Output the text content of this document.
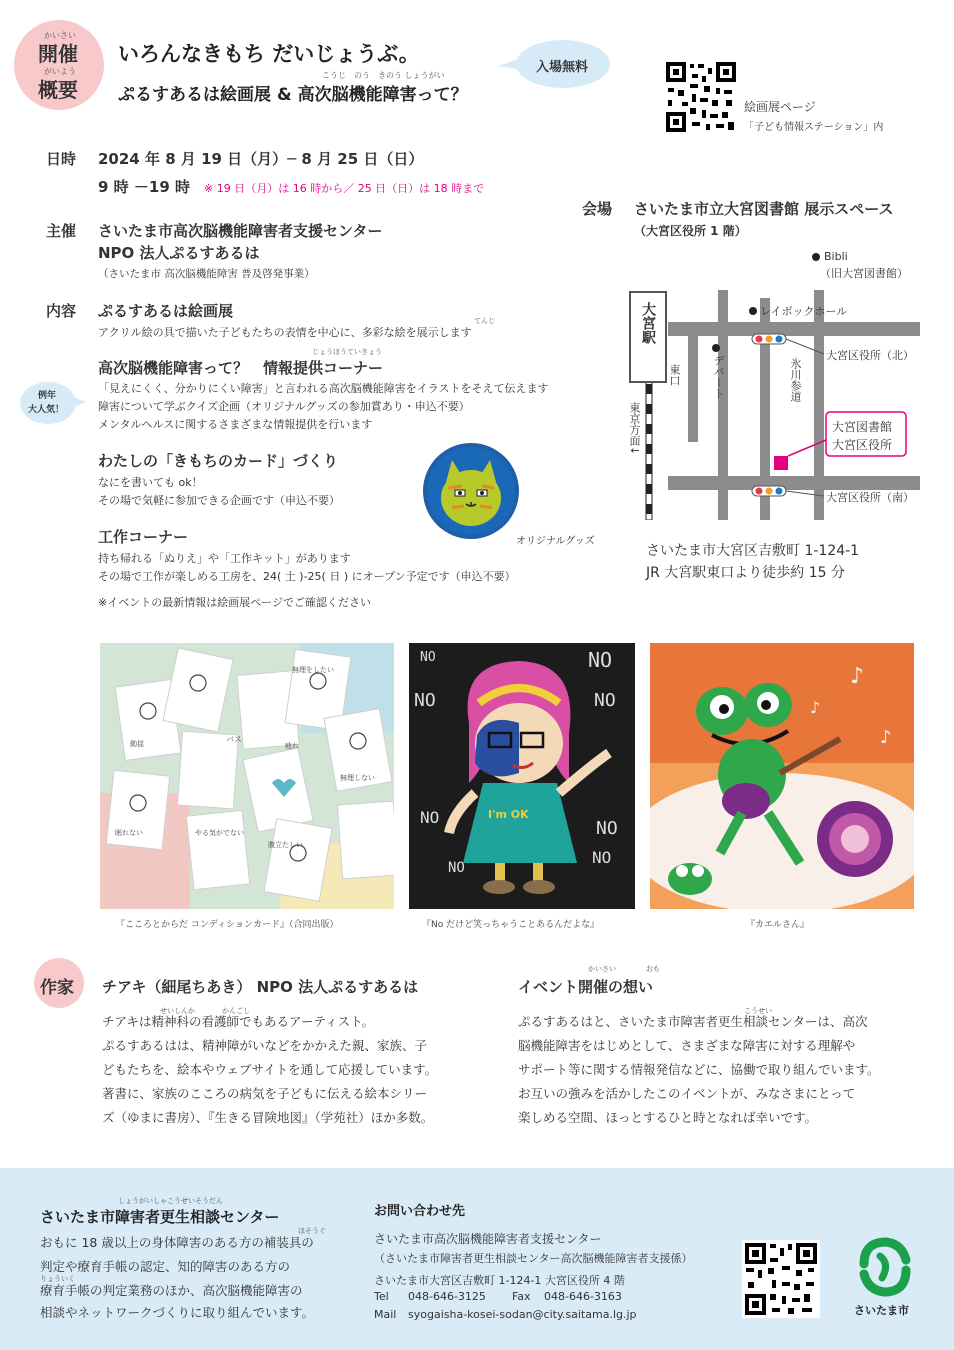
かいさい
開催
がいよう
概要
いろんなきもち だいじょうぶ。
こうじ　のう　きのう しょうがい
ぷるすあるは絵画展 & 高次脳機能障害って？
入場無料
絵画展ページ
「子ども情報ステーション」内
日時 2024 年 8 月 19 日（月）─ 8 月 25 日（日）
9 時 －19 時 ※ 19 日（月）は 16 時から／ 25 日（日）は 18 時まで
主催 さいたま市高次脳機能障害者支援センター
NPO 法人ぷるすあるは
（さいたま市 高次脳機能障害 普及啓発事業）
内容 ぷるすあるは絵画展
てんじ
アクリル絵の具で描いた子どもたちの表情を中心に、多彩な絵を展示します
じょうほうていきょう
高次脳機能障害って？　情報提供コーナー
「見えにくく、分かりにくい障害」と言われる高次脳機能障害をイラストをそえて伝えます
障害について学ぶクイズ企画（オリジナルグッズの参加賞あり・申込不要）
メンタルヘルスに関するさまざまな情報提供を行います
例年
大人気！
わたしの「きもちのカード」づくり
なにを書いても ok！
その場で気軽に参加できる企画です（申込不要）
オリジナルグッズ
工作コーナー
持ち帰れる「ぬりえ」や「工作キット」があります
その場で工作が楽しめる工房を、24( 土 )-25( 日 ) にオープン予定です（申込不要）
※イベントの最新情報は絵画展ページでご確認ください
会場 さいたま市立大宮図書館 展示スペース
（大宮区役所 1 階）
大宮駅
東口
東京方面↓
デパート	氷川参道
Bibli
（旧大宮図書館）
レイボックホール
大宮区役所（北）
大宮区役所（南）
大宮図書館
大宮区役所
さいたま市大宮区吉敷町 1-124-1
JR 大宮駅東口より徒歩約 15 分
バス
動揺	疲れ
無理をしたい
眠れない	やる気がでない
無理しない
腹立たしい
NO	NO
NO	NO
NO
NO
NO
NO
I'm OK
♪
♪
♪
『こころとからだ コンディションカード』（合同出版）	『No だけど笑っちゃうことあるんだよな』	『カエルさん』
作家 チアキ（細尾ちあき） NPO 法人ぷるすあるは
せいしんか	かんごし
チアキは精神科の看護師でもあるアーティスト。
ぷるすあるはは、精神障がいなどをかかえた親、家族、子
どもたちを、絵本やウェブサイトを通して応援しています。
著書に、家族のこころの病気を子どもに伝える絵本シリー
ズ（ゆまに書房）、『生きる冒険地図』（学苑社）ほか多数。
かいさい	おも
イベント開催の想い
こうせい
ぷるすあるはと、さいたま市障害者更生相談センターは、高次
脳機能障害をはじめとして、さまざまな障害に対する理解や
サポート等に関する情報発信などに、協働で取り組んでいます。
お互いの強みを活かしたこのイベントが、みなさまにとって
楽しめる空間、ほっとするひと時となれば幸いです。
しょうがいしゃこうせいそうだん
さいたま市障害者更生相談センター
ほそうぐ
おもに 18 歳以上の身体障害のある方の補装具の
判定や療育手帳の認定、知的障害のある方の
りょういく
療育手帳の判定業務のほか、高次脳機能障害の
相談やネットワークづくりに取り組んでいます。
お問い合わせ先
さいたま市高次脳機能障害者支援センター
（さいたま市障害者更生相談センター高次脳機能障害者支援係）
さいたま市大宮区吉敷町 1-124-1 大宮区役所 4 階
Tel 048-646-3125 Fax 048-646-3163
Mail syogaisha-kosei-sodan@city.saitama.lg.jp	さいたま市
